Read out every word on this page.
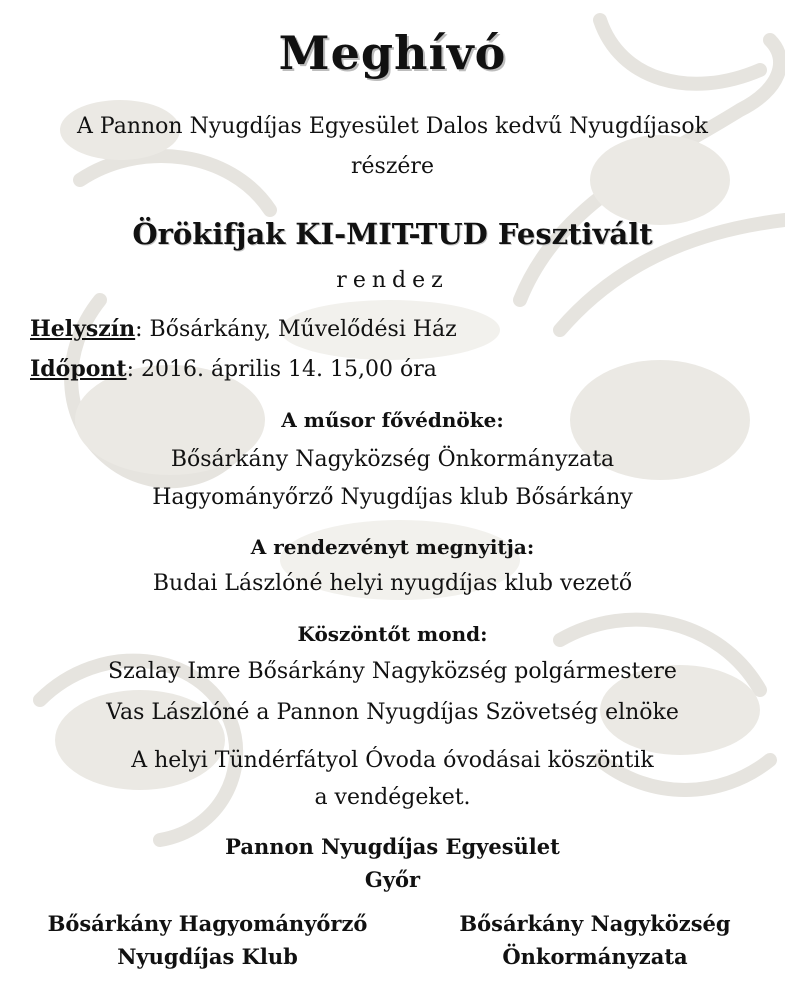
Meghívó
A Pannon Nyugdíjas Egyesület Dalos kedvű Nyugdíjasok
részére
Örökifjak KI-MIT-TUD Fesztivált
rendez
Helyszín: Bősárkány, Művelődési Ház
Időpont: 2016. április 14. 15,00 óra
A műsor fővédnöke:
Bősárkány Nagyközség Önkormányzata
Hagyományőrző Nyugdíjas klub Bősárkány
A rendezvényt megnyitja:
Budai Lászlóné helyi nyugdíjas klub vezető
Köszöntőt mond:
Szalay Imre Bősárkány Nagyközség polgármestere
Vas Lászlóné a Pannon Nyugdíjas Szövetség elnöke
A helyi Tündérfátyol Óvoda óvodásai köszöntik
a vendégeket.
Pannon Nyugdíjas Egyesület
Győr
Bősárkány Hagyományőrző
Nyugdíjas Klub
Bősárkány Nagyközség
Önkormányzata
